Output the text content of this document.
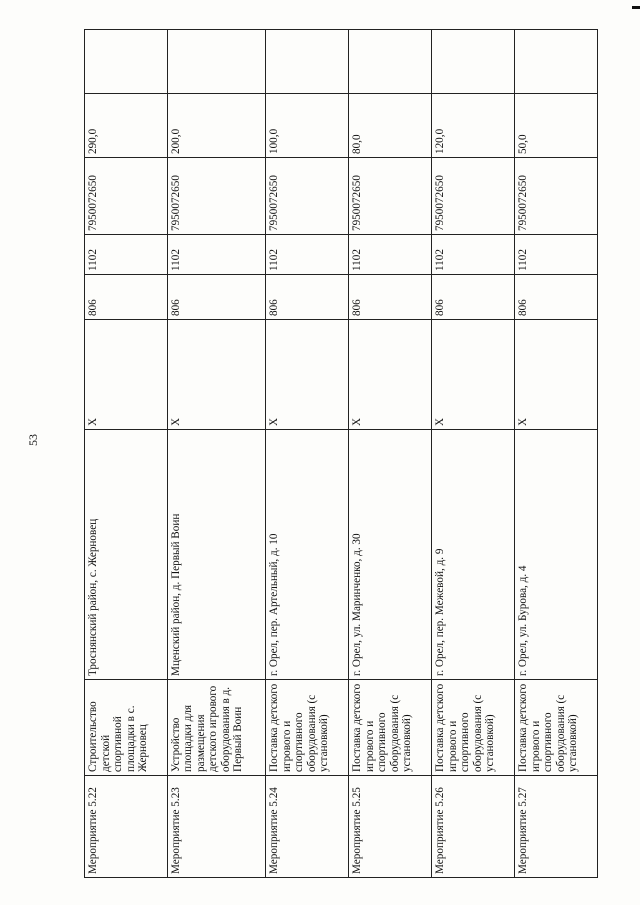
53
Мероприятие 5.22	Строительство детской спортивной площадки в с. Жерновец	Троснянский район, с. Жерновец	Х	806	1102	7950072650	290,0	
Мероприятие 5.23	Устройство площадки для размещения детского игрового оборудования в д. Первый Воин	Мценский район, д. Первый Воин	Х	806	1102	7950072650	200,0	
Мероприятие 5.24	Поставка детского игрового и спортивного оборудования (с установкой)	г. Орел, пер. Артельный, д. 10	Х	806	1102	7950072650	100,0	
Мероприятие 5.25	Поставка детского игрового и спортивного оборудования (с установкой)	г. Орел, ул. Маринченко, д. 30	Х	806	1102	7950072650	80,0	
Мероприятие 5.26	Поставка детского игрового и спортивного оборудования (с установкой)	г. Орел, пер. Межевой, д. 9	Х	806	1102	7950072650	120,0	
Мероприятие 5.27	Поставка детского игрового и спортивного оборудования (с установкой)	г. Орел, ул. Бурова, д. 4	Х	806	1102	7950072650	50,0	
